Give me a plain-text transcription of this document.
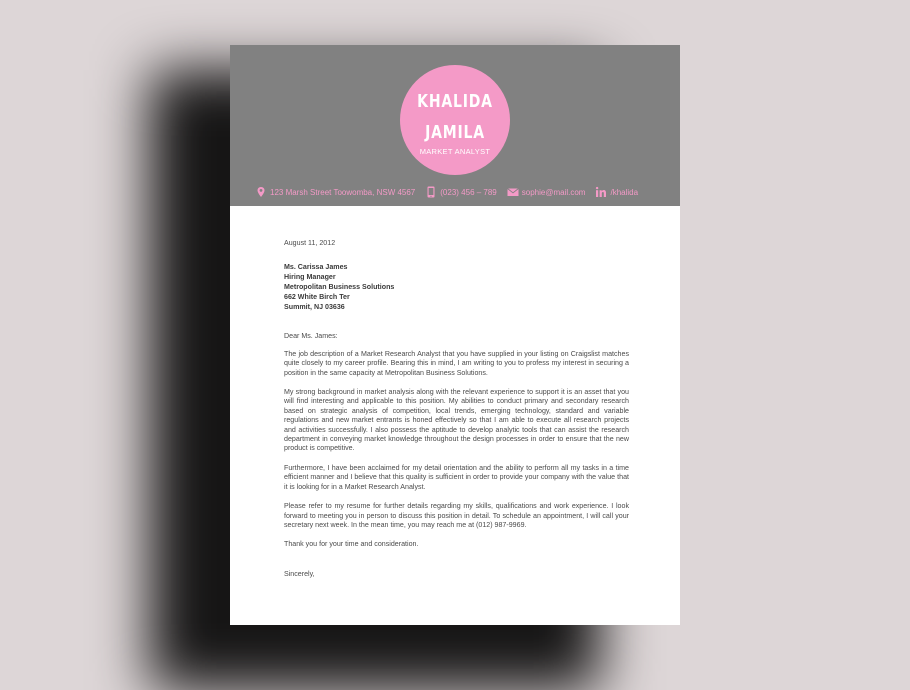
KHALIDA
JAMILA
MARKET ANALYST
123 Marsh Street Toowomba, NSW 4567	(023) 456 – 789	sophie@mail.com	/khalida
August 11, 2012
Ms. Carissa James
Hiring Manager
Metropolitan Business Solutions
662 White Birch Ter
Summit, NJ 03636
Dear Ms. James:

The job description of a Market Research Analyst that you have supplied in your listing on Craigslist matches quite closely to my career profile. Bearing this in mind, I am writing to you to profess my interest in securing a position in the same capacity at Metropolitan Business Solutions.

My strong background in market analysis along with the relevant experience to support it is an asset that you will find interesting and applicable to this position. My abilities to conduct primary and secondary research based on strategic analysis of competition, local trends, emerging technology, standard and variable regulations and new market entrants is honed effectively so that I am able to execute all research projects and activities successfully. I also possess the aptitude to develop analytic tools that can assist the research department in conveying market knowledge throughout the design processes in order to ensure that the new product is competitive.

Furthermore, I have been acclaimed for my detail orientation and the ability to perform all my tasks in a time efficient manner and I believe that this quality is sufficient in order to provide your company with the value that it is looking for in a Market Research Analyst.

Please refer to my resume for further details regarding my skills, qualifications and work experience. I look forward to meeting you in person to discuss this position in detail. To schedule an appointment, I will call your secretary next week. In the mean time, you may reach me at (012) 987-9969.

Thank you for your time and consideration.
Sincerely,
